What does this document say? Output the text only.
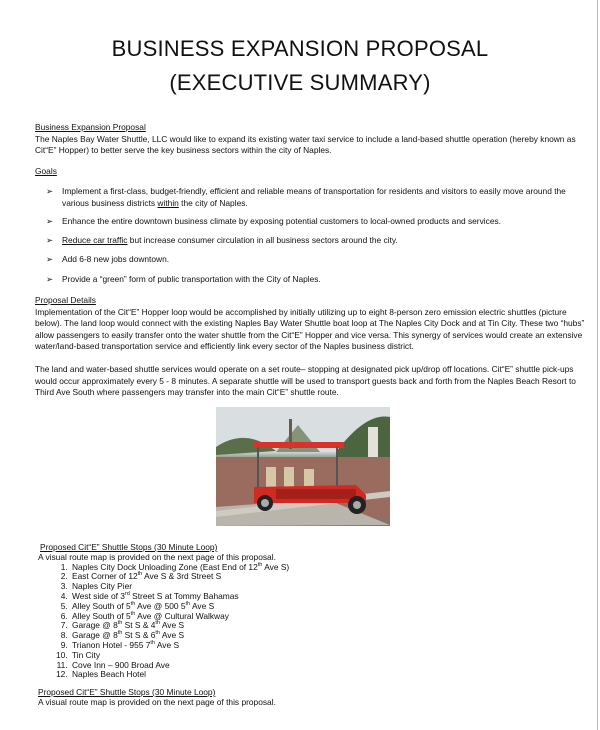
BUSINESS EXPANSION PROPOSAL
(EXECUTIVE SUMMARY)
Business Expansion Proposal
The Naples Bay Water Shuttle, LLC would like to expand its existing water taxi service to include a land-based shuttle operation (hereby known as Cit“E” Hopper) to better serve the key business sectors within the city of Naples.
Goals
➢ Implement a first-class, budget-friendly, efficient and reliable means of transportation for residents and visitors to easily move around the various business districts within the city of Naples.
➢ Enhance the entire downtown business climate by exposing potential customers to local-owned products and services.
➢ Reduce car traffic but increase consumer circulation in all business sectors around the city.
➢ Add 6-8 new jobs downtown.
➢ Provide a “green” form of public transportation with the City of Naples.
Proposal Details
Implementation of the Cit“E” Hopper loop would be accomplished by initially utilizing up to eight 8-person zero emission electric shuttles (picture below). The land loop would connect with the existing Naples Bay Water Shuttle boat loop at The Naples City Dock and at Tin City. These two “hubs” allow passengers to easily transfer onto the water shuttle from the Cit“E” Hopper and vice versa. This synergy of services would create an extensive water/land-based transportation service and efficiently link every sector of the Naples business district.
The land and water-based shuttle services would operate on a set route– stopping at designated pick up/drop off locations. Cit“E” shuttle pick-ups would occur approximately every 5 - 8 minutes. A separate shuttle will be used to transport guests back and forth from the Naples Beach Resort to Third Ave South where passengers may transfer into the main Cit“E” shuttle route.
Proposed Cit“E” Shuttle Stops (30 Minute Loop)
A visual route map is provided on the next page of this proposal.
1. Naples City Dock Unloading Zone (East End of 12th Ave S)
2. East Corner of 12th Ave S & 3rd Street S
3. Naples City Pier
4. West side of 3rd Street S at Tommy Bahamas
5. Alley South of 5th Ave @ 500 5th Ave S
6. Alley South of 5th Ave @ Cultural Walkway
7. Garage @ 8th St S & 4th Ave S
8. Garage @ 8th St S & 6th Ave S
9. Trianon Hotel - 955 7th Ave S
10. Tin City
11. Cove Inn – 900 Broad Ave
12. Naples Beach Hotel
Proposed Cit“E” Shuttle Stops (30 Minute Loop)
A visual route map is provided on the next page of this proposal.
